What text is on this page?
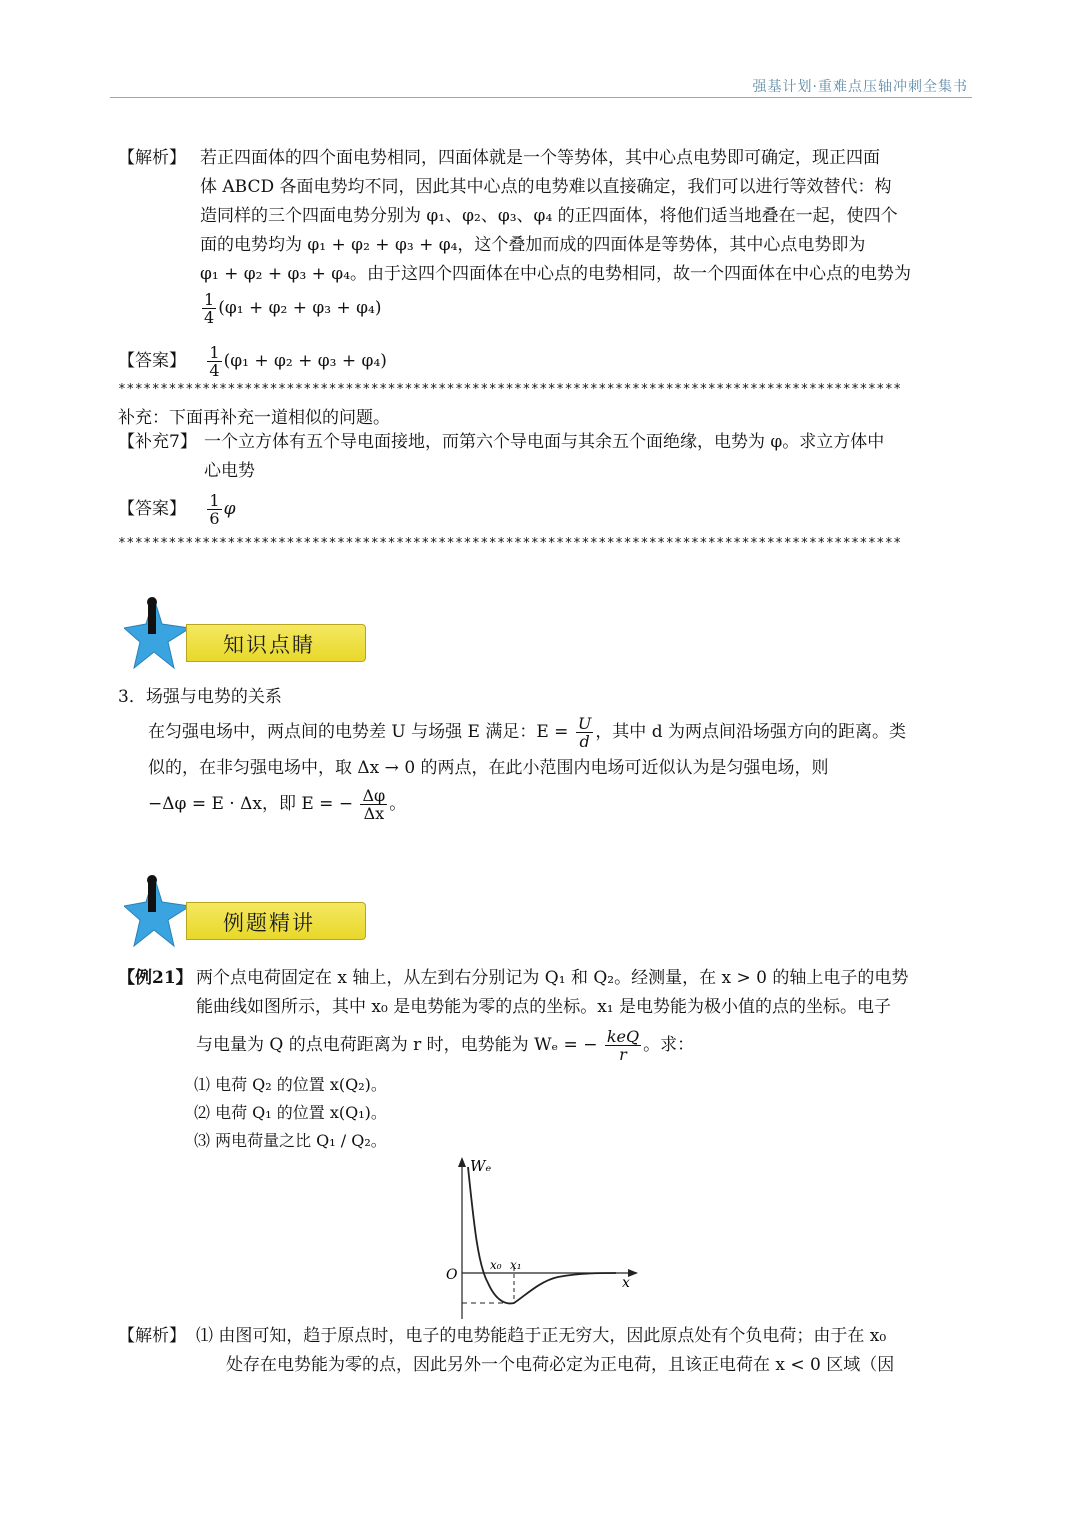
强基计划·重难点压轴冲刺全集书
【解析】 若正四面体的四个面电势相同，四面体就是一个等势体，其中心点电势即可确定，现正四面
体 ABCD 各面电势均不同，因此其中心点的电势难以直接确定，我们可以进行等效替代：构
造同样的三个四面电势分别为 φ₁、φ₂、φ₃、φ₄ 的正四面体，将他们适当地叠在一起，使四个
面的电势均为 φ₁ + φ₂ + φ₃ + φ₄，这个叠加而成的四面体是等势体，其中心点电势即为
φ₁ + φ₂ + φ₃ + φ₄。由于这四个四面体在中心点的电势相同，故一个四面体在中心点的电势为
$\frac{1}{4} (\varphi_1 + \varphi_2 + \varphi_3 + \varphi_4)$
【答案】 $\frac{1}{4} (\varphi_1 + \varphi_2 + \varphi_3 + \varphi_4)$
*********************************************************************************************
补充：下面再补充一道相似的问题。
【补充7】 一个立方体有五个导电面接地，而第六个导电面与其余五个面绝缘，电势为 φ。求立方体中
心电势
【答案】 $\frac{1}{6}$ φ
*********************************************************************************************
知识点睛
3．场强与电势的关系
在匀强电场中，两点间的电势差 U 与场强 E 满足：$E = \frac{U}{d}$ ，其中 d 为两点间沿场强方向的距离。类
似的，在非匀强电场中，取 Δx → 0 的两点，在此小范围内电场可近似认为是匀强电场，则
−Δφ = E · Δx，即 E = − $\frac{\Delta\varphi}{\Delta x}$ 。
例题精讲
【例21】 两个点电荷固定在 x 轴上，从左到右分别记为 Q₁ 和 Q₂。经测量，在 x > 0 的轴上电子的电势
能曲线如图所示，其中 x₀ 是电势能为零的点的坐标。x₁ 是电势能为极小值的点的坐标。电子
与电量为 Q 的点电荷距离为 r 时，电势能为 Wₑ = − $\frac{\text{keQ}}{r}$ 。求：
⑴ 电荷 Q₂ 的位置 x(Q₂)。
⑵ 电荷 Q₁ 的位置 x(Q₁)。
⑶ 两电荷量之比 Q₁ / Q₂。
Wₑ
O	x
x₀ x₁
【解析】 ⑴ 由图可知，趋于原点时，电子的电势能趋于正无穷大，因此原点处有个负电荷；由于在 x₀
处存在电势能为零的点，因此另外一个电荷必定为正电荷，且该正电荷在 x < 0 区域（因
